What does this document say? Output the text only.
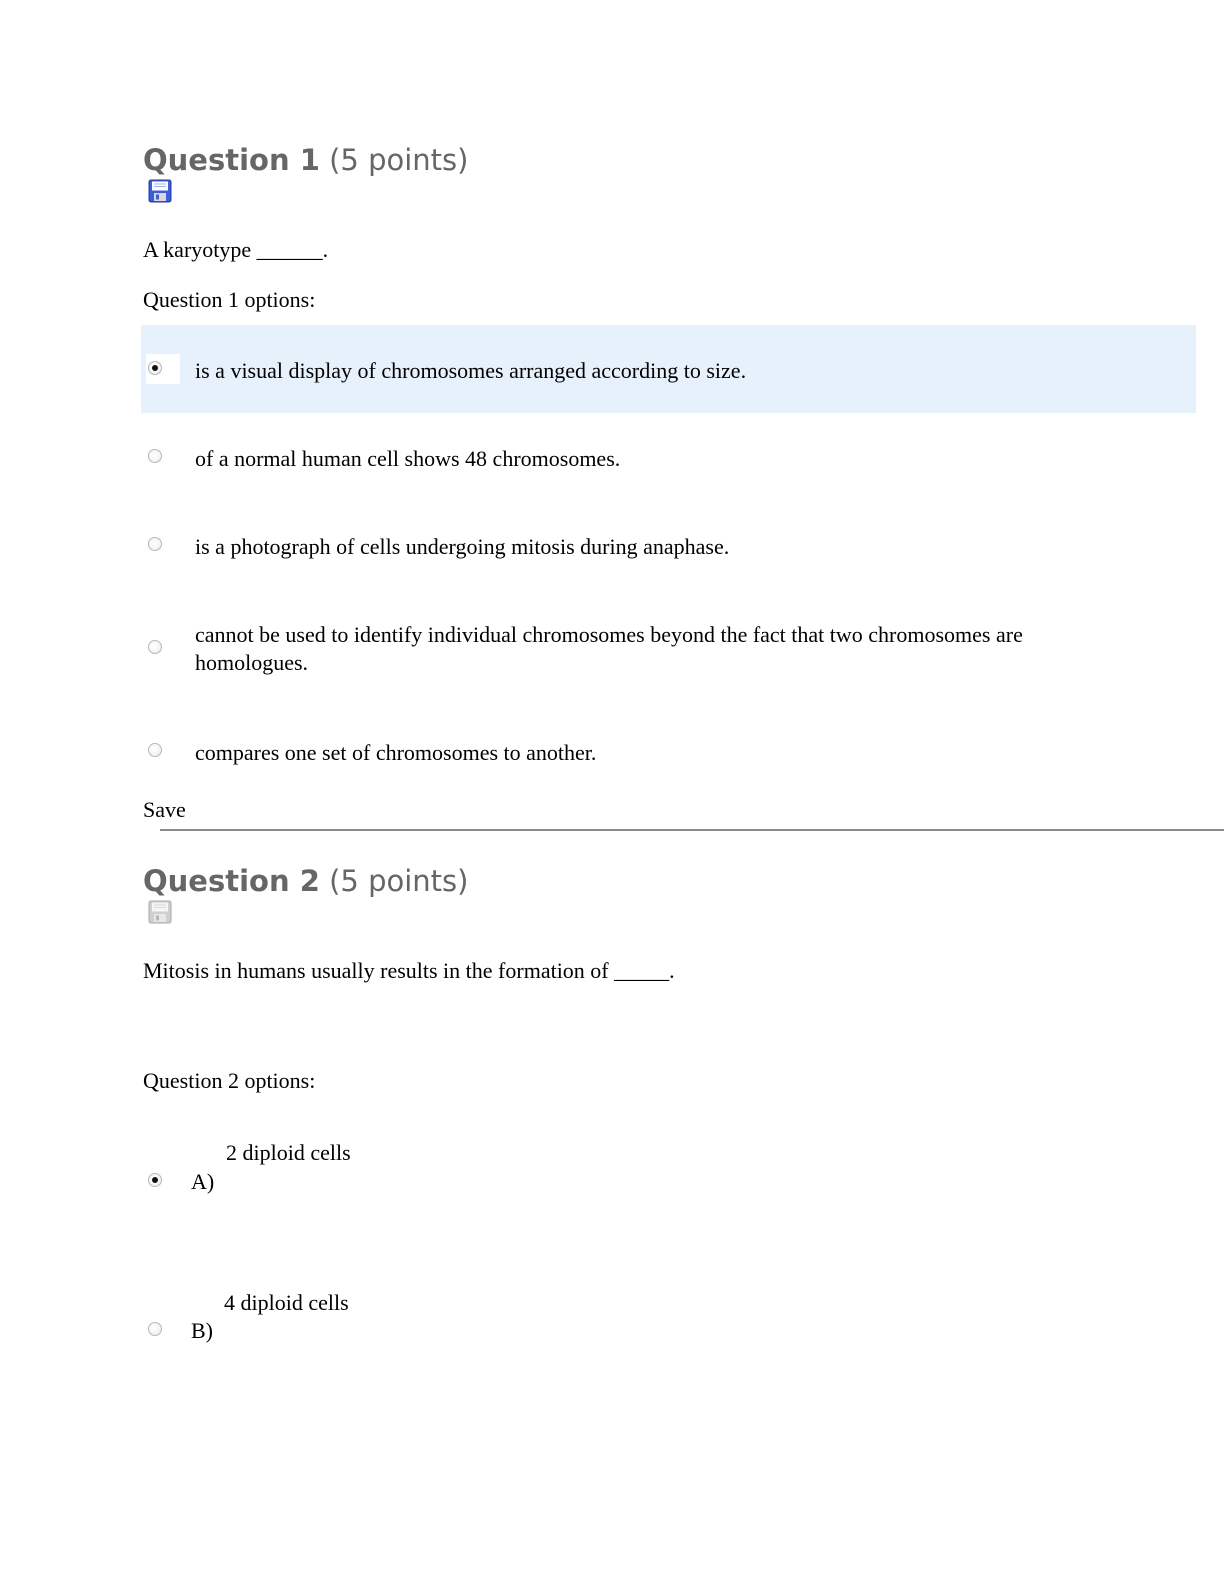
Question 1 (5 points)
A karyotype ______.
Question 1 options:
is a visual display of chromosomes arranged according to size.
of a normal human cell shows 48 chromosomes.
is a photograph of cells undergoing mitosis during anaphase.
cannot be used to identify individual chromosomes beyond the fact that two chromosomes are
homologues.
compares one set of chromosomes to another.
Save
Question 2 (5 points)
Mitosis in humans usually results in the formation of _____.
Question 2 options:
A)
2 diploid cells
B)
4 diploid cells
